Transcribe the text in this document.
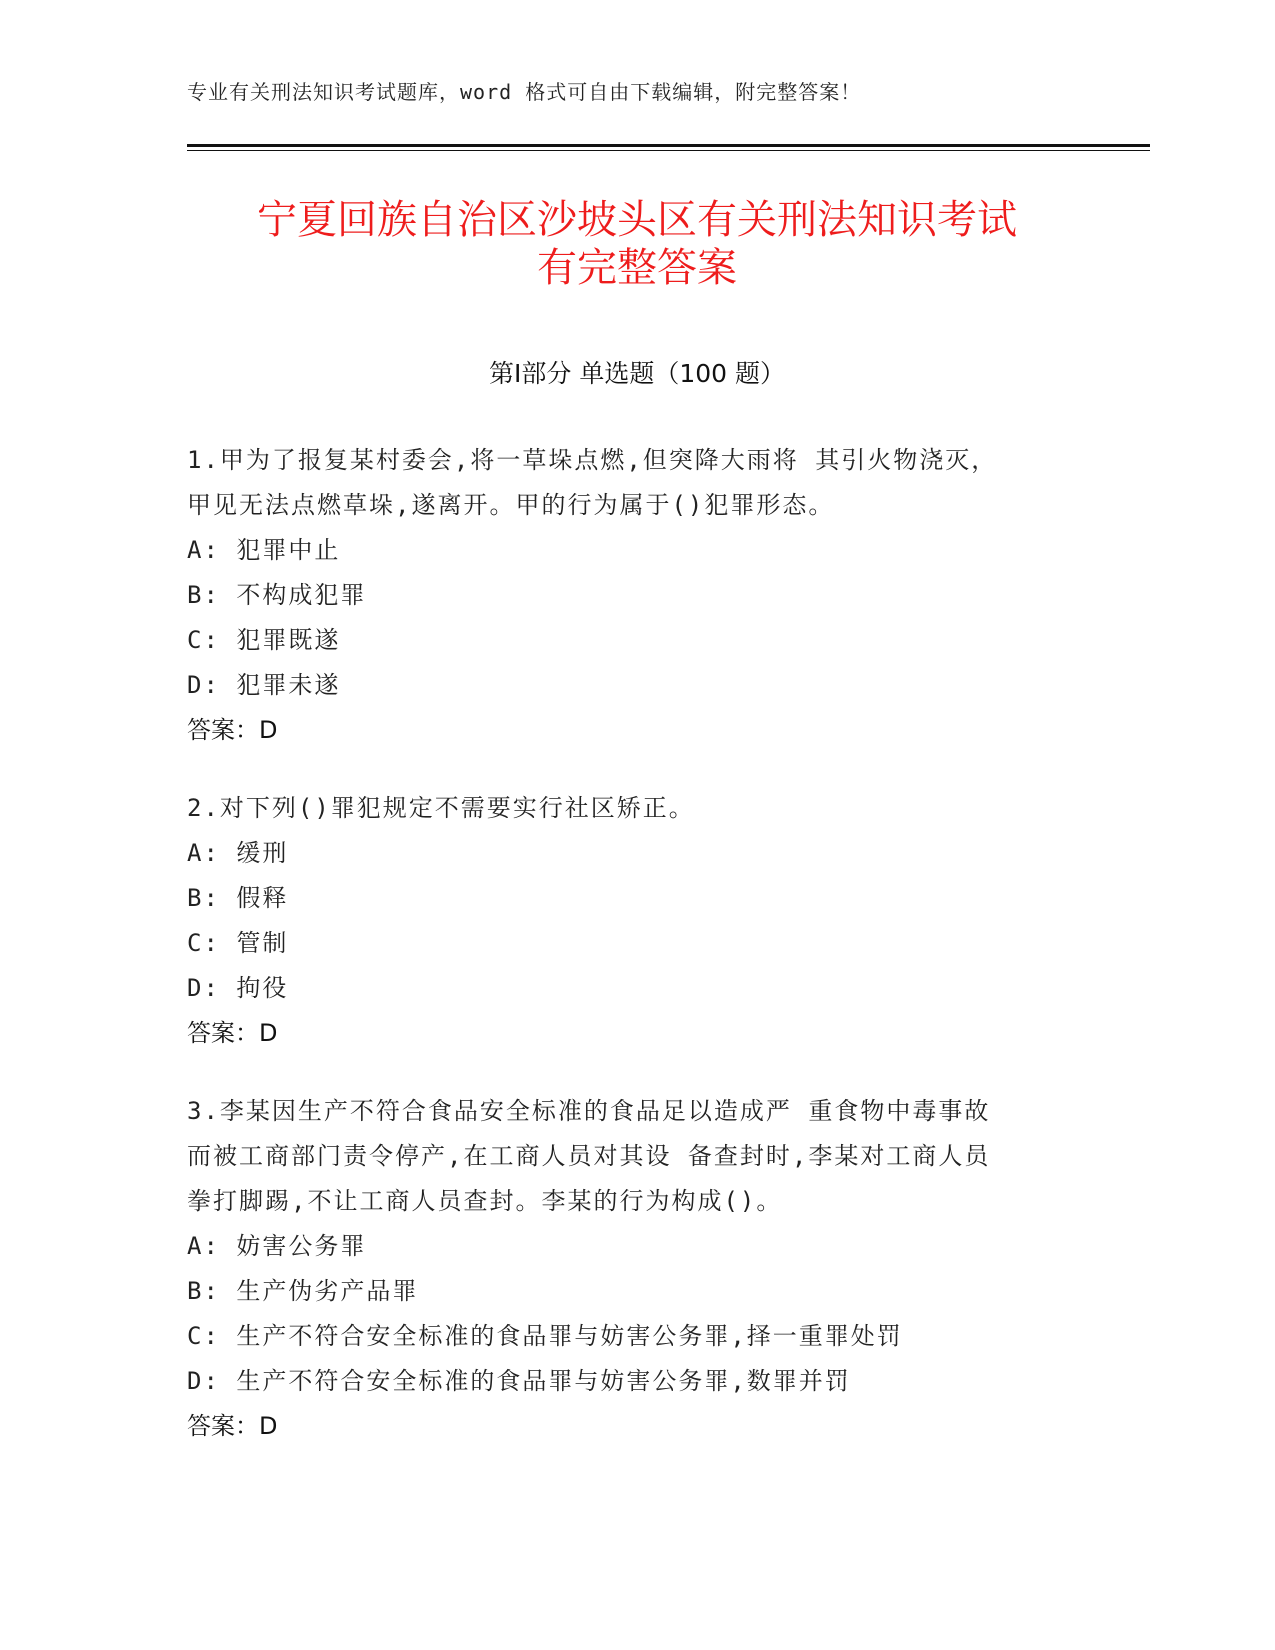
专业有关刑法知识考试题库，word 格式可自由下载编辑，附完整答案！
宁夏回族自治区沙坡头区有关刑法知识考试
有完整答案
第Ⅰ部分 单选题（100 题）
1.甲为了报复某村委会,将一草垛点燃,但突降大雨将 其引火物浇灭，
甲见无法点燃草垛,遂离开。甲的行为属于()犯罪形态。
A: 犯罪中止
B: 不构成犯罪
C: 犯罪既遂
D: 犯罪未遂
答案：D
2.对下列()罪犯规定不需要实行社区矫正。
A: 缓刑
B: 假释
C: 管制
D: 拘役
答案：D
3.李某因生产不符合食品安全标准的食品足以造成严 重食物中毒事故
而被工商部门责令停产,在工商人员对其设 备查封时,李某对工商人员
拳打脚踢,不让工商人员查封。李某的行为构成()。
A: 妨害公务罪
B: 生产伪劣产品罪
C: 生产不符合安全标准的食品罪与妨害公务罪,择一重罪处罚
D: 生产不符合安全标准的食品罪与妨害公务罪,数罪并罚
答案：D
